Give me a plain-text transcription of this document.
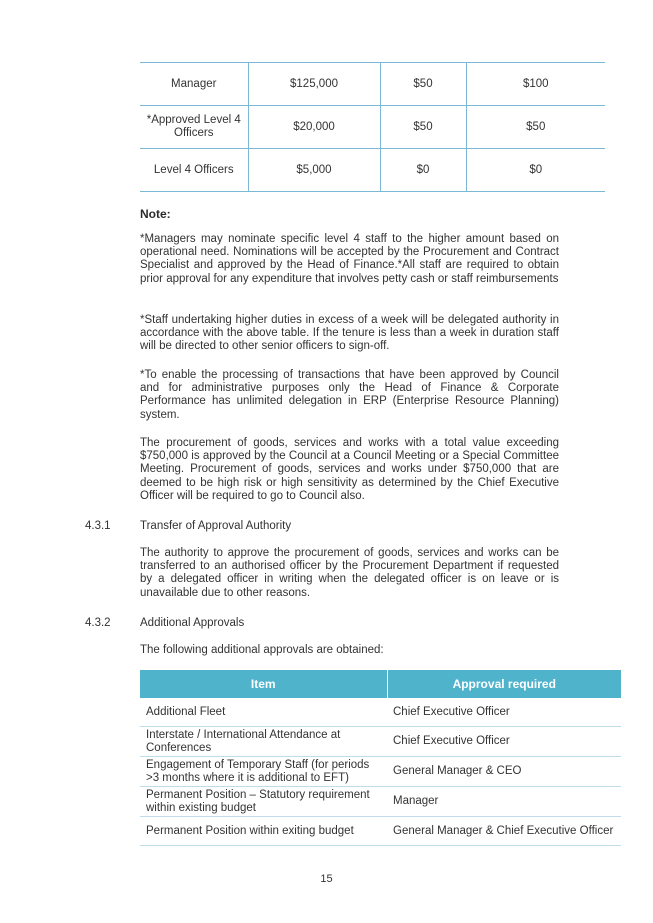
Manager	$125,000	$50	$100
*Approved Level 4 Officers	$20,000	$50	$50
Level 4 Officers	$5,000	$0	$0
Note:

*Managers may nominate specific level 4 staff to the higher amount based on operational need. Nominations will be accepted by the Procurement and Contract Specialist and approved by the Head of Finance.*All staff are required to obtain prior approval for any expenditure that involves petty cash or staff reimbursements

*Staff undertaking higher duties in excess of a week will be delegated authority in accordance with the above table. If the tenure is less than a week in duration staff will be directed to other senior officers to sign-off.

*To enable the processing of transactions that have been approved by Council and for administrative purposes only the Head of Finance & Corporate Performance has unlimited delegation in ERP (Enterprise Resource Planning) system.

The procurement of goods, services and works with a total value exceeding $750,000 is approved by the Council at a Council Meeting or a Special Committee Meeting. Procurement of goods, services and works under $750,000 that are deemed to be high risk or high sensitivity as determined by the Chief Executive Officer will be required to go to Council also.

4.3.1	Transfer of Approval Authority

The authority to approve the procurement of goods, services and works can be transferred to an authorised officer by the Procurement Department if requested by a delegated officer in writing when the delegated officer is on leave or is unavailable due to other reasons.

4.3.2	Additional Approvals

The following additional approvals are obtained:

Item	Approval required
Additional Fleet	Chief Executive Officer
Interstate / International Attendance at Conferences	Chief Executive Officer
Engagement of Temporary Staff (for periods >3 months where it is additional to EFT)	General Manager & CEO
Permanent Position – Statutory requirement within existing budget	Manager
Permanent Position within exiting budget	General Manager & Chief Executive Officer
15
